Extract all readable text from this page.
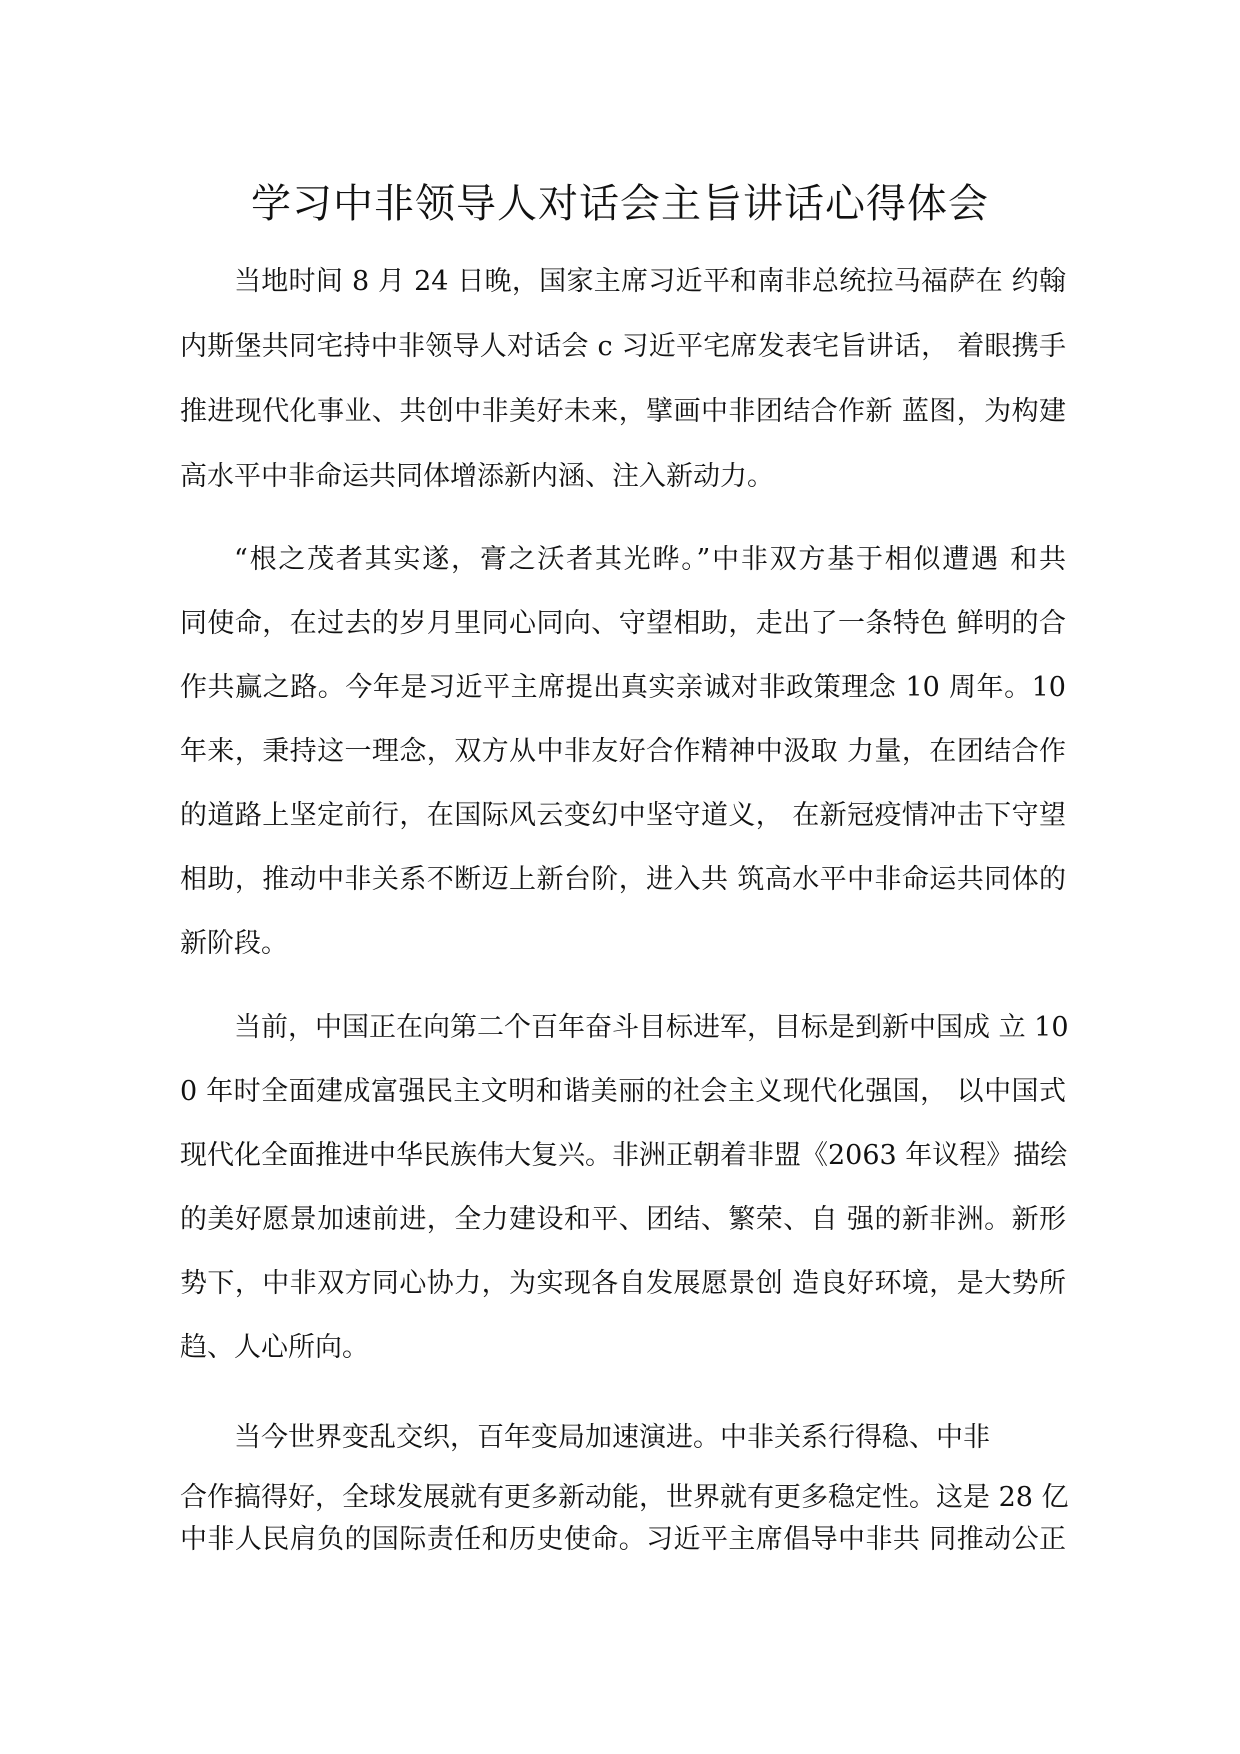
学习中非领导人对话会主旨讲话心得体会
当地时间 8 月 24 日晚，国家主席习近平和南非总统拉马福萨在 约翰
内斯堡共同宅持中非领导人对话会 c 习近平宅席发表宅旨讲话， 着眼携手
推进现代化事业、共创中非美好未来，擘画中非团结合作新 蓝图，为构建
高水平中非命运共同体增添新内涵、注入新动力。
“根之茂者其实遂，膏之沃者其光晔。”中非双方基于相似遭遇 和共
同使命，在过去的岁月里同心同向、守望相助，走出了一条特色 鲜明的合
作共赢之路。今年是习近平主席提出真实亲诚对非政策理念 10 周年。10
年来，秉持这一理念，双方从中非友好合作精神中汲取 力量，在团结合作
的道路上坚定前行，在国际风云变幻中坚守道义， 在新冠疫情冲击下守望
相助，推动中非关系不断迈上新台阶，进入共 筑高水平中非命运共同体的
新阶段。
当前，中国正在向第二个百年奋斗目标进军，目标是到新中国成 立 10
0 年时全面建成富强民主文明和谐美丽的社会主义现代化强国， 以中国式
现代化全面推进中华民族伟大复兴。非洲正朝着非盟《2063 年议程》描绘
的美好愿景加速前进，全力建设和平、团结、繁荣、自 强的新非洲。新形
势下，中非双方同心协力，为实现各自发展愿景创 造良好环境，是大势所
趋、人心所向。
当今世界变乱交织，百年变局加速演进。中非关系行得稳、中非
合作搞得好，全球发展就有更多新动能，世界就有更多稳定性。这是 28 亿
中非人民肩负的国际责任和历史使命。习近平主席倡导中非共 同推动公正
